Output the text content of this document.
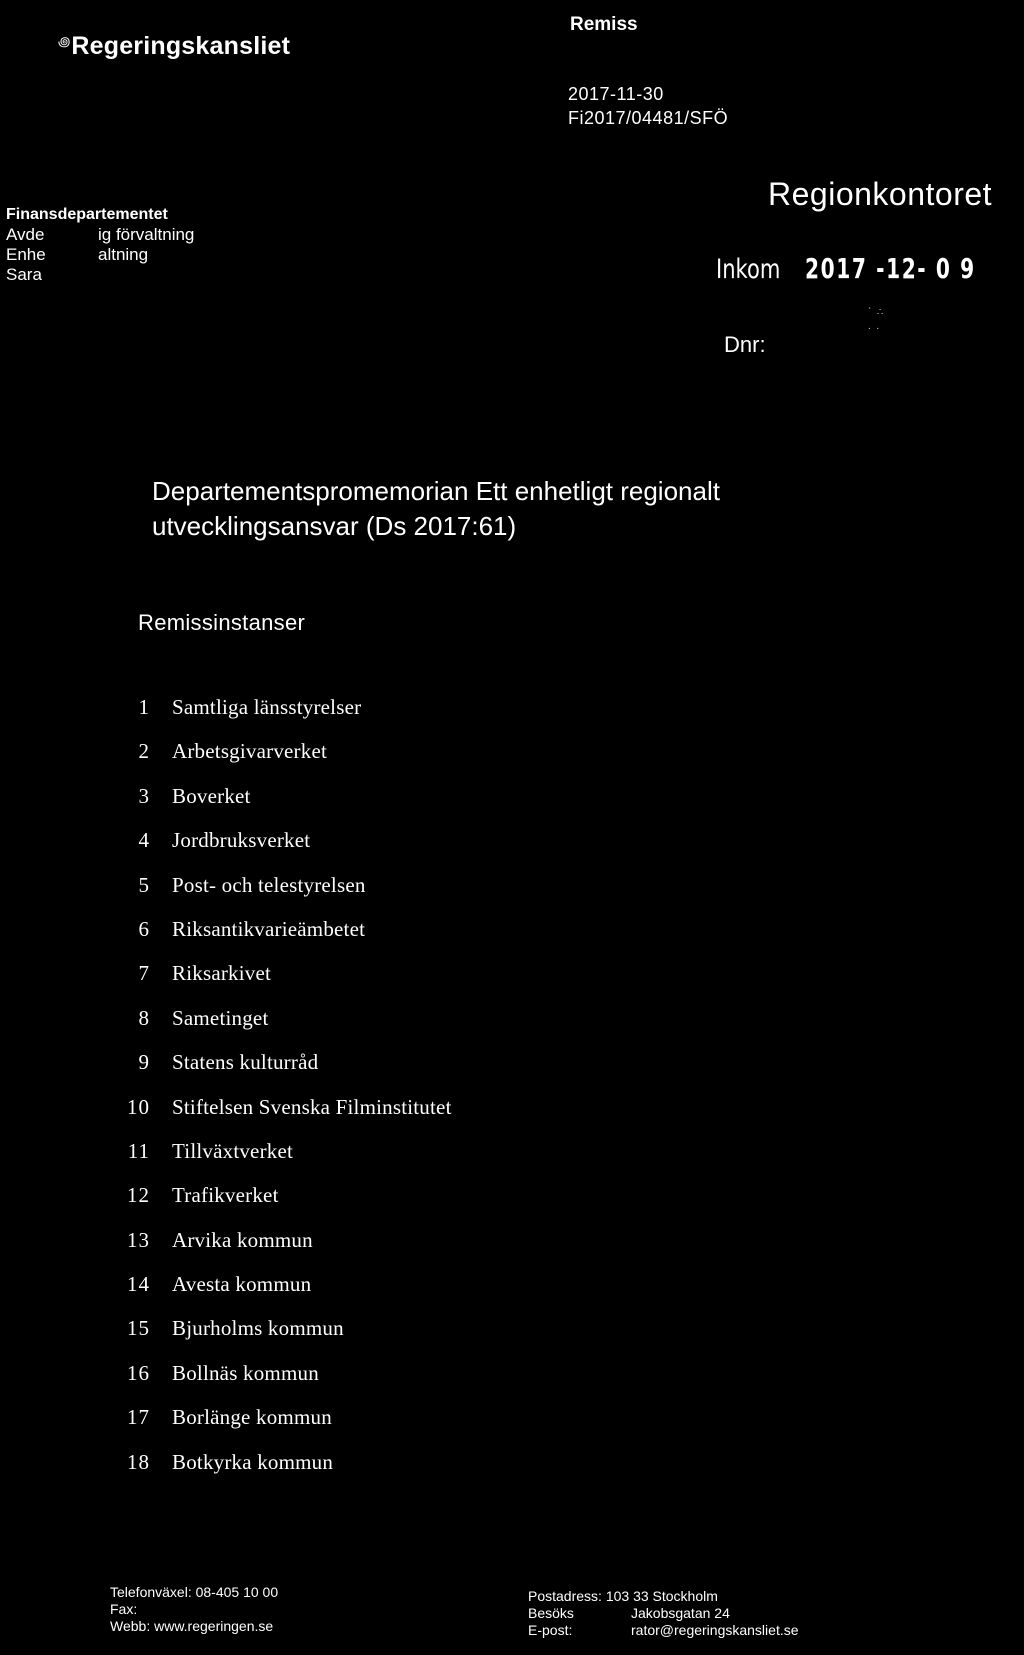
꩜ Regeringskansliet
Remiss
2017-11-30
Fi2017/04481/SFÖ
Finansdepartementet
Avde	ig förvaltning
Enhe	altning
Sara
Regionkontoret
Inkom 2017 -12- 0 9
Dnr:
ˋ  ∴
.  .
Departementspromemorian Ett enhetligt regionalt utvecklingsansvar (Ds 2017:61)
Remissinstanser
1	Samtliga länsstyrelser
2	Arbetsgivarverket
3	Boverket
4	Jordbruksverket
5	Post- och telestyrelsen
6	Riksantikvarieämbetet
7	Riksarkivet
8	Sametinget
9	Statens kulturråd
10	Stiftelsen Svenska Filminstitutet
11	Tillväxtverket
12	Trafikverket
13	Arvika kommun
14	Avesta kommun
15	Bjurholms kommun
16	Bollnäs kommun
17	Borlänge kommun
18	Botkyrka kommun
Telefonväxel:
08-405 10 00
Fax:

Webb:
www.regeringen.se
Postadress:
103 33 Stockholm
Besöks	Jakobsgatan 24
E-post:	rator@regeringskansliet.se
